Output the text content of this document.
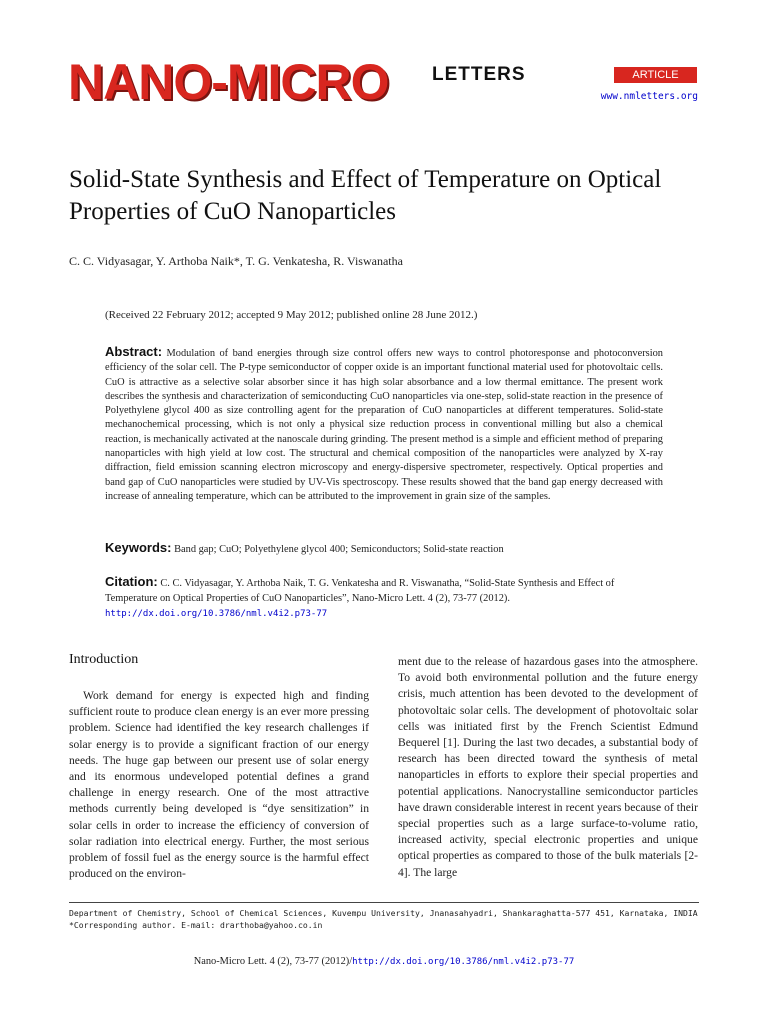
NANO-MICRO LETTERS	ARTICLE
www.nmletters.org
Solid-State Synthesis and Effect of Temperature on Optical Properties of CuO Nanoparticles
C. C. Vidyasagar, Y. Arthoba Naik*, T. G. Venkatesha, R. Viswanatha
(Received 22 February 2012; accepted 9 May 2012; published online 28 June 2012.)
Abstract: Modulation of band energies through size control offers new ways to control photoresponse and photoconversion efficiency of the solar cell. The P-type semiconductor of copper oxide is an important functional material used for photovoltaic cells. CuO is attractive as a selective solar absorber since it has high solar absorbance and a low thermal emittance. The present work describes the synthesis and characterization of semiconducting CuO nanoparticles via one-step, solid-state reaction in the presence of Polyethylene glycol 400 as size controlling agent for the preparation of CuO nanoparticles at different temperatures. Solid-state mechanochemical processing, which is not only a physical size reduction process in conventional milling but also a chemical reaction, is mechanically activated at the nanoscale during grinding. The present method is a simple and efficient method of preparing nanoparticles with high yield at low cost. The structural and chemical composition of the nanoparticles were analyzed by X-ray diffraction, field emission scanning electron microscopy and energy-dispersive spectrometer, respectively. Optical properties and band gap of CuO nanoparticles were studied by UV-Vis spectroscopy. These results showed that the band gap energy decreased with increase of annealing temperature, which can be attributed to the improvement in grain size of the samples.
Keywords: Band gap; CuO; Polyethylene glycol 400; Semiconductors; Solid-state reaction
Citation: C. C. Vidyasagar, Y. Arthoba Naik, T. G. Venkatesha and R. Viswanatha, “Solid-State Synthesis and Effect of Temperature on Optical Properties of CuO Nanoparticles”, Nano-Micro Lett. 4 (2), 73-77 (2012).
http://dx.doi.org/10.3786/nml.v4i2.p73-77
Introduction
Work demand for energy is expected high and finding sufficient route to produce clean energy is an ever more pressing problem. Science had identified the key research challenges if solar energy is to provide a significant fraction of our energy needs. The huge gap between our present use of solar energy and its enormous undeveloped potential defines a grand challenge in energy research. One of the most attractive methods currently being developed is “dye sensitization” in solar cells in order to increase the efficiency of conversion of solar radiation into electrical energy. Further, the most serious problem of fossil fuel as the energy source is the harmful effect produced on the environ-
ment due to the release of hazardous gases into the atmosphere. To avoid both environmental pollution and the future energy crisis, much attention has been devoted to the development of photovoltaic solar cells. The development of photovoltaic solar cells was initiated first by the French Scientist Edmund Bequerel [1]. During the last two decades, a substantial body of research has been directed toward the synthesis of metal nanoparticles in efforts to explore their special properties and potential applications. Nanocrystalline semiconductor particles have drawn considerable interest in recent years because of their special properties such as a large surface-to-volume ratio, increased activity, special electronic properties and unique optical properties as compared to those of the bulk materials [2-4]. The large
Department of Chemistry, School of Chemical Sciences, Kuvempu University, Jnanasahyadri, Shankaraghatta-577 451, Karnataka, INDIA
*Corresponding author. E-mail: drarthoba@yahoo.co.in
Nano-Micro Lett. 4 (2), 73-77 (2012)/http://dx.doi.org/10.3786/nml.v4i2.p73-77
